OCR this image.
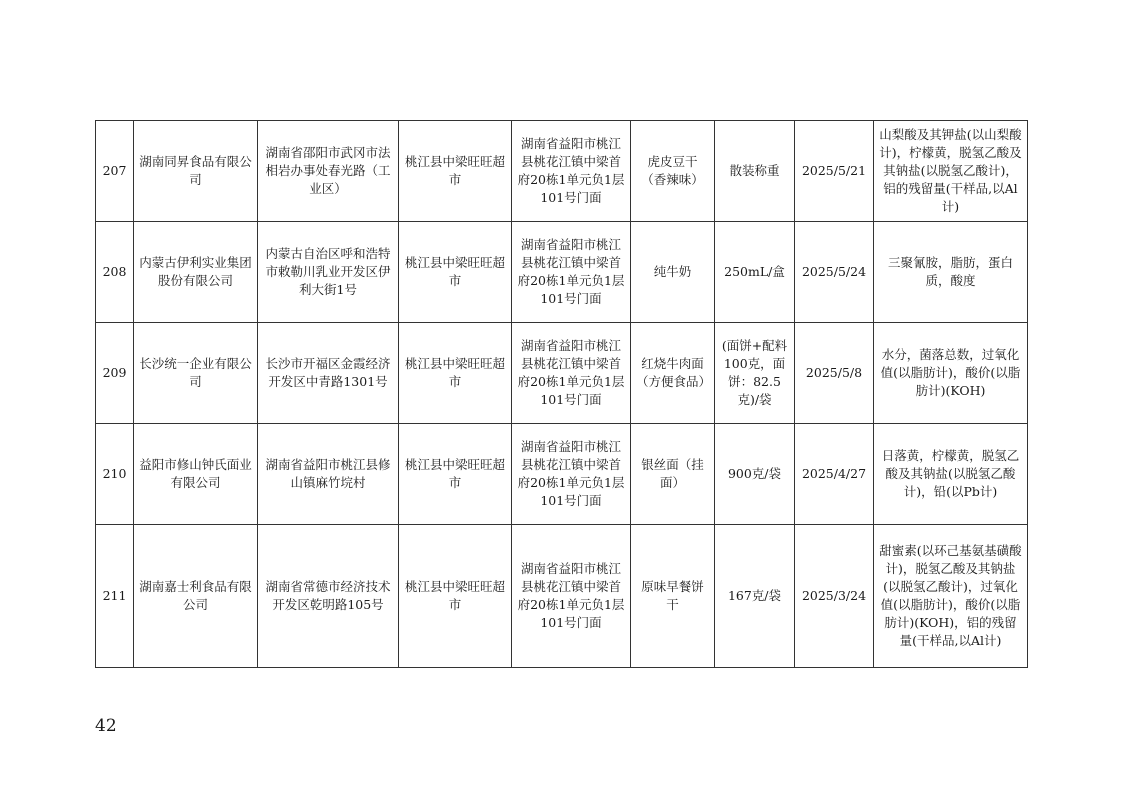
207	湖南同昇食品有限公司	湖南省邵阳市武冈市法相岩办事处春光路（工业区）	桃江县中梁旺旺超市	湖南省益阳市桃江县桃花江镇中梁首府20栋1单元负1层101号门面	虎皮豆干（香辣味）	散装称重	2025/5/21	山梨酸及其钾盐(以山梨酸计)，柠檬黄，脱氢乙酸及其钠盐(以脱氢乙酸计)，铝的残留量(干样品,以Al计)
208	内蒙古伊利实业集团股份有限公司	内蒙古自治区呼和浩特市敕勒川乳业开发区伊利大街1号	桃江县中梁旺旺超市	湖南省益阳市桃江县桃花江镇中梁首府20栋1单元负1层101号门面	纯牛奶	250mL/盒	2025/5/24	三聚氰胺，脂肪，蛋白质，酸度
209	长沙统一企业有限公司	长沙市开福区金霞经济开发区中青路1301号	桃江县中梁旺旺超市	湖南省益阳市桃江县桃花江镇中梁首府20栋1单元负1层101号门面	红烧牛肉面（方便食品）	(面饼+配料100克，面饼：82.5克)/袋	2025/5/8	水分，菌落总数，过氧化值(以脂肪计)，酸价(以脂肪计)(KOH)
210	益阳市修山钟氏面业有限公司	湖南省益阳市桃江县修山镇麻竹垸村	桃江县中梁旺旺超市	湖南省益阳市桃江县桃花江镇中梁首府20栋1单元负1层101号门面	银丝面（挂面）	900克/袋	2025/4/27	日落黄，柠檬黄，脱氢乙酸及其钠盐(以脱氢乙酸计)，铅(以Pb计)
211	湖南嘉士利食品有限公司	湖南省常德市经济技术开发区乾明路105号	桃江县中梁旺旺超市	湖南省益阳市桃江县桃花江镇中梁首府20栋1单元负1层101号门面	原味早餐饼干	167克/袋	2025/3/24	甜蜜素(以环己基氨基磺酸计)，脱氢乙酸及其钠盐(以脱氢乙酸计)，过氧化值(以脂肪计)，酸价(以脂肪计)(KOH)，铝的残留量(干样品,以Al计)
42
